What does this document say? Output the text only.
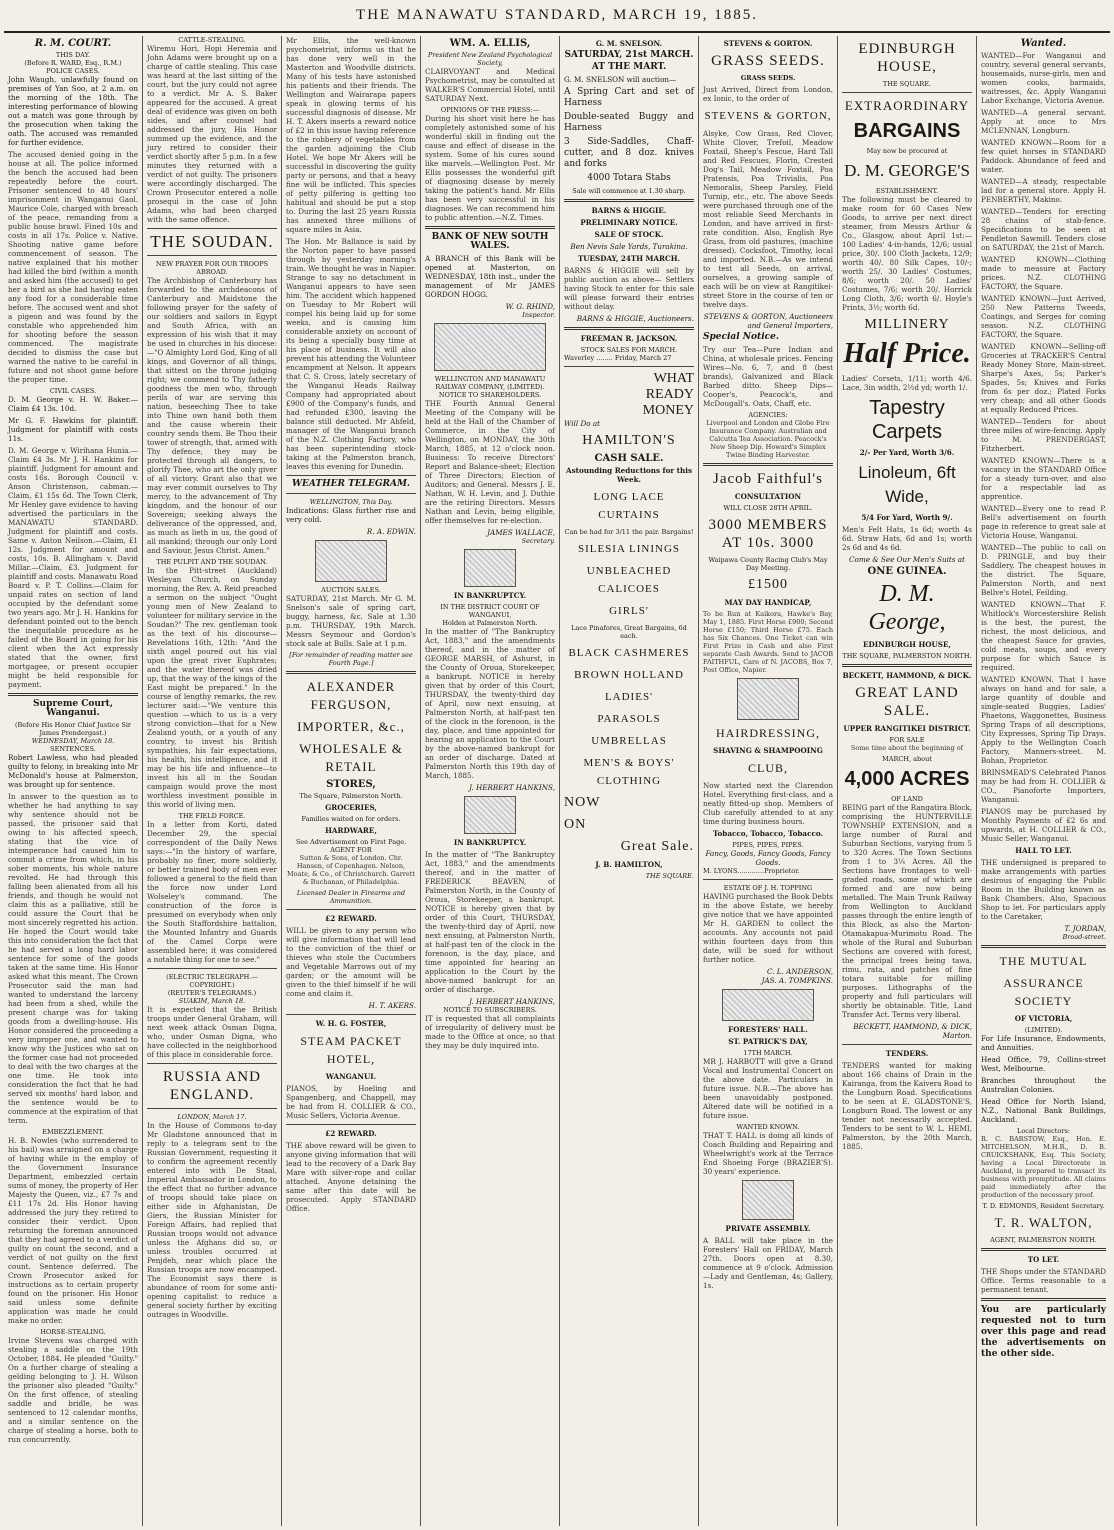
THE MANAWATU STANDARD, MARCH 19, 1885.
R. M. COURT.
THIS DAY.
(Before R. WARD, Esq., R.M.)
POLICE CASES.

John Waugh, unlawfully found on premises of Yan Soo, at 2 a.m. on the morning of the 18th. The interesting performance of blowing out a match was gone through by the prosecution when taking the oath. The accused was remanded for further evidence.

The accused denied going in the house at all. The police informed the bench the accused had been repeatedly before the court. Prisoner sentenced to 48 hours' imprisonment in Wanganui Gaol. Maurice Cole, charged with breach of the peace, remanding from a public house brawl. Fined 10s and costs in all 17s. Police v. Native. Shooting native game before commencement of season. The native explained that his mother had killed the bird (within a month and asked him (the accused) to get her a bird as she had having eaten any food for a considerable time before. The accused went and shot a pigeon and was found by the constable who apprehended him for shooting before the season commenced. The magistrate decided to dismiss the case but warned the native to be careful in future and not shoot game before the proper time.

CIVIL CASES.

D. M. George v. H. W. Baker.—Claim £4 13s. 10d.

Mr G. F. Hawkins for plaintiff. Judgment for plaintiff with costs 11s.

D. M. George v. Wirihana Hunia.—Claim £4 3s. Mr J. H. Hankins for plaintiff. Judgment for amount and costs 16s. Borough Council v. Anson Christenson, cabman.—Claim, £1 15s 6d. The Town Clerk, Mr Henley gave evidence to having advertised the particulars in the MANAWATU STANDARD. Judgment for plaintiff and costs. Same v. Anton Neilson.—Claim, £1 12s. Judgment for amount and costs, 10s. B. Allingham v. David Millar.—Claim, £3. Judgment for plaintiff and costs. Manawatu Road Board v. P. T. Collins.—Claim for unpaid rates on section of land occupied by the defendant some two years ago. Mr J. H. Hankins for defendant pointed out to the bench the inequitable procedure as he failed of the Board in going for his client when the Act expressly stated that the owner, first mortgagee, or present occupier might be held responsible for payment.

Supreme Court, Wanganui.
(Before His Honor Chief Justice Sir James Prendergast.)
WEDNESDAY, March 18.
SENTENCES.

Robert Lawless, who had pleaded guilty to felony, in breaking into Mr McDonald's house at Palmerston, was brought up for sentence.

In answer to the question as to whether he had anything to say why sentence should not be passed, the prisoner said that owing to his affected speech, stating that the vice of intemperance had caused him to commit a crime from which, in his sober moments, his whole nature revolted. He had through this falling been alienated from all his friends, and though he would not claim this as a palliative, still he could assure the Court that he most sincerely regretted his action. He hoped the Court would take this into consideration the fact that he had served a long hard labor sentence for some of the goods taken at the same time. His Honor asked what this meant. The Crown Prosecutor said the man had wanted to understand the larceny had been from a shed, while the present charge was for taking goods from a dwelling-house. His Honor considered the proceeding a very improper one, and wanted to know why the Justices who sat on the former case had not proceeded to deal with the two charges at the one time. He took into consideration the fact that he had served six months' hard labor, and the sentence would be to commence at the expiration of that term.

EMBEZZLEMENT.

H. B. Nowles (who surrendered to his bail) was arraigned on a charge of having while in the employ of the Government Insurance Department, embezzled certain sums of money, the property of Her Majesty the Queen, viz., £7 7s and £11 17s 2d. His Honor having addressed the jury they retired to consider their verdict. Upon returning the foreman announced that they had agreed to a verdict of guilty on count the second, and a verdict of not guilty on the first count. Sentence deferred. The Crown Prosecutor asked for instructions as to certain property found on the prisoner. His Honor said unless some definite application was made he could make no order.

HORSE-STEALING.

Irvine Stevens was charged with stealing a saddle on the 19th October, 1884. He pleaded "Guilty." On a further charge of stealing a gelding belonging to J. H. Wilson the prisoner also pleaded "Guilty." On the first offence, of stealing saddle and bridle, he was sentenced to 12 calendar months, and a similar sentence on the charge of stealing a horse, both to run concurrently.

CATTLE-STEALING.

Wiremu Hori, Hopi Heremia and John Adams were brought up on a charge of cattle stealing. This case was heard at the last sitting of the court, but the jury could not agree to a verdict. Mr A. S. Baker appeared for the accused. A great deal of evidence was given on both sides, and after counsel had addressed the jury, His Honor summed up the evidence, and the jury retired to consider their verdict shortly after 5 p.m. In a few minutes they returned with a verdict of not guilty. The prisoners were accordingly discharged. The Crown Prosecutor entered a nolle prosequi in the case of John Adams, who had been charged with the same offence.

THE SOUDAN.
NEW PRAYER FOR OUR TROOPS ABROAD.

The Archbishop of Canterbury has forwarded to the archdeacons of Canterbury and Maidstone the following prayer for the safety of our soldiers and sailors in Egypt and South Africa, with an expression of his wish that it may be used in churches in his diocese:—"O Almighty Lord God, King of all kings, and Governor of all things, that sittest on the throne judging right; we commend to Thy fatherly goodness the men who, through perils of war are serving this nation, beseeching Thee to take into Thine own hand both them and the cause wherein their country sends them. Be Thou their tower of strength, that, armed with Thy defence, they may be protected through all dangers, to glorify Thee, who art the only giver of all victory. Grant also that we may ever commit ourselves to Thy mercy, to the advancement of Thy kingdom, and the honour of our Sovereign; seeking always the deliverance of the oppressed, and, as much as lieth in us, the good of all mankind; through our only Lord and Saviour, Jesus Christ. Amen."

THE PULPIT AND THE SOUDAN.

In the Pitt-street (Auckland) Wesleyan Church, on Sunday morning, the Rev. A. Reid preached a sermon on the subject "Ought young men of New Zealand to volunteer for military service in the Soudan?" The rev. gentleman took as the text of his discourse—Revelations 16th, 12th: "And the sixth angel poured out his vial upon the great river Euphrates; and the water thereof was dried up, that the way of the kings of the East might be prepared." In the course of lengthy remarks, the rev. lecturer said:—"We venture this question —which to us is a very strong conviction—that for a New Zealand youth, or a youth of any country, to invest his British sympathies, his fair expectations, his health, his intelligence, and it may be his life and influence—to invest his all in the Soudan campaign would prove the most worthless investment possible in this world of living men.

THE FIELD FORCE.

In a letter from Korti, dated December 29, the special correspondent of the Daily News says:—"In the history of warfare, probably no finer, more soldierly, or better trained body of men ever followed a general to the field than the force now under Lord Wolseley's command. The construction of the force is presumed on everybody when only the South Staffordshire battalion, the Mounted Infantry and Guards of the Camel Corps were assembled here; it was considered a notable thing for one to see."

(ELECTRIC TELEGRAPH.—COPYRIGHT.)
(REUTER'S TELEGRAMS.)
SUAKIM, March 18.

It is expected that the British troops under General Graham, will next week attack Osman Digna, who, under Osman Digna, who have collected in the neighborhood of this place in considerable force.

RUSSIA AND ENGLAND.
LONDON, March 17.

In the House of Commons to-day Mr Gladstone announced that in reply to a telegram sent to the Russian Government, requesting it to confirm the agreement recently entered into with De Staal, Imperial Ambassador in London, to the effect that no further advance of troops should take place on either side in Afghanistan, De Giers, the Russian Minister for Foreign Affairs, had replied that Russian troops would not advance unless the Afghans did so, or unless troubles occurred at Penjdeh, near which place the Russian troops are now encamped. The Economist says there is abundance of room for some anti-opening capitalist to reduce a general society further by exciting outrages in Woodville.

Mr Ellis, the well-known psychometrist, informs us that he has done very well in the Masterton and Woodville districts. Many of his tests have astonished his patients and their friends. The Wellington and Wairarapa papers speak in glowing terms of his successful diagnosis of disease. Mr H. T. Akers inserts a reward notice of £2 in this issue having reference to the robbery of vegetables from the garden adjoining the Club Hotel. We hope Mr Akers will be successful in discovering the guilty party or persons, and that a heavy fine will be inflicted. This species of petty pilfering is getting too habitual and should be put a stop to. During the last 25 years Russia has annexed three millions of square miles in Asia.

The Hon. Mr Ballance is said by the Norton paper to have passed through by yesterday morning's train. We thought he was in Napier. Strange to say no detachment in Wanganui appears to have seen him. The accident which happened on Tuesday to Mr Robert will compel his being laid up for some weeks, and is causing him considerable anxiety on account of its being a specially busy time at his place of business. It will also prevent his attending the Volunteer encampment at Nelson. It appears that C. S. Cross, lately secretary of the Wanganui Heads Railway Company had appropriated about £900 of the Company's funds, and had refunded £300, leaving the balance still deducted. Mr Ahfeld, manager of the Wanganui branch of the N.Z. Clothing Factory, who has been superintending stock-taking at the Palmerston branch, leaves this evening for Dunedin.

WEATHER TELEGRAM.
WELLINGTON, This Day.

Indications: Glass further rise and very cold.

R. A. EDWIN.
AUCTION SALES.

SATURDAY, 21st March. Mr G. M. Snelson's sale of spring cart, buggy, harness, &c. Sale at 1.30 p.m. THURSDAY, 19th March. Messrs Seymour and Gordon's stock sale at Bulls. Sale at 1 p.m.

[For remainder of reading matter see Fourth Page.]
ALEXANDER FERGUSON,
IMPORTER, &c.,
WHOLESALE & RETAIL
STORES,
The Square, Palmerston North.
GROCERIES,
Families waited on for orders.
HARDWARE,
See Advertisement on First Page.
AGENT FOR

Sutton & Sons, of London. Chr. Hansen, of Copenhagen. Nelson, Moate, & Co., of Christchurch. Garrett & Buchanan, of Philadelphia.

Licensed Dealer in Firearms and Ammunition.
£2 REWARD.

WILL be given to any person who will give information that will lead to the conviction of the thief or thieves who stole the Cucumbers and Vegetable Marrows out of my garden; or the amount will be given to the thief himself if he will come and claim it.

H. T. AKERS.
W. H. G. FOSTER,
STEAM PACKET HOTEL,
WANGANUI.

PIANOS, by Hoeling and Spangenberg, and Chappell, may be had from H. COLLIER & CO., Music Sellers, Victoria Avenue.

£2 REWARD.

THE above reward will be given to anyone giving information that will lead to the recovery of a Dark Bay Mare with silver-rope and collar attached. Anyone detaining the same after this date will be prosecuted. Apply STANDARD Office.

WM. A. ELLIS,
President New Zealand Psychological Society,

CLAIRVOYANT and Medical Psychometrist, may be consulted at WALKER'S Commercial Hotel, until SATURDAY Next.

OPINIONS OF THE PRESS:—

During his short visit here he has completely astonished some of his wonderful skill in finding out the cause and effect of disease in the system. Some of his cures sound like marvels.—Wellington Post. Mr Ellis possesses the wonderful gift of diagnosing disease by merely taking the patient's hand. Mr Ellis has been very successful in his diagnoses. We can recommend him to public attention.—N.Z. Times.

BANK OF NEW SOUTH WALES.

A BRANCH of this Bank will be opened at Masterton, on WEDNESDAY, 18th inst., under the management of Mr JAMES GORDON HOGG.

W. G. RHIND,
Inspector.
WELLINGTON AND MANAWATU RAILWAY COMPANY, (LIMITED).
NOTICE TO SHAREHOLDERS.

THE Fourth Annual General Meeting of the Company will be held at the Hall of the Chamber of Commerce, in the City of Wellington, on MONDAY, the 30th March, 1885, at 12 o'clock noon. Business: To receive Directors' Report and Balance-sheet; Election of Three Directors; Election of Auditors; and General. Messrs J. E. Nathan, W. H. Levin, and J. Duthie are the retiring Directors. Messrs Nathan and Levin, being eligible, offer themselves for re-election.

JAMES WALLACE,
Secretary.
IN BANKRUPTCY.
IN THE DISTRICT COURT OF WANGANUI,
Holden at Palmerston North.

In the matter of "The Bankruptcy Act, 1883," and the amendments thereof, and in the matter of GEORGE MARSH, of Ashurst, in the County of Oroua, Storekeeper, a bankrupt. NOTICE is hereby given that by order of this Court, THURSDAY, the twenty-third day of April, now next ensuing, at Palmerston North, at half-past ten of the clock in the forenoon, is the day, place, and time appointed for hearing an application to the Court by the above-named bankrupt for an order of discharge. Dated at Palmerston North this 19th day of March, 1885.

J. HERBERT HANKINS,
IN BANKRUPTCY.

In the matter of "The Bankruptcy Act, 1883," and the amendments thereof, and in the matter of FREDERICK BEAVEN, of Palmerston North, in the County of Oroua, Storekeeper, a bankrupt. NOTICE is hereby given that by order of this Court, THURSDAY, the twenty-third day of April, now next ensuing, at Palmerston North, at half-past ten of the clock in the forenoon, is the day, place, and time appointed for hearing an application to the Court by the above-named bankrupt for an order of discharge.

J. HERBERT HANKINS,
NOTICE TO SUBSCRIBERS.

IT is requested that all complaints of irregularity of delivery must be made to the Office at once, so that they may be duly inquired into.

G. M. SNELSON.
SATURDAY, 21st MARCH.
AT THE MART.

G. M. SNELSON will auction—

A Spring Cart and set of Harness

Double-seated Buggy and Harness

3 Side-Saddles, Chaff-cutter, and 8 doz. knives and forks

4000 Totara Stabs

Sale will commence at 1.30 sharp.
BARNS & HIGGIE.
PRELIMINARY NOTICE.
SALE OF STOCK.
Ben Nevis Sale Yards, Turakina.
TUESDAY, 24TH MARCH.

BARNS & HIGGIE will sell by public auction as above— Settlers having Stock to enter for this sale will please forward their entries without delay.

BARNS & HIGGIE, Auctioneers.
FREEMAN R. JACKSON.
STOCK SALES FOR MARCH.
Waverley ........ Friday, March 27
WHAT
READY
MONEY
Will Do at
HAMILTON'S
CASH SALE.
Astounding Reductions for this Week.
LONG LACE CURTAINS
Can be had for 3/11 the pair. Bargains!
SILESIA LININGS
UNBLEACHED CALICOES
GIRLS'
Lace Pinafores, Great Bargains, 6d each.
BLACK CASHMERES
BROWN HOLLAND
LADIES'
PARASOLS
UMBRELLAS
MEN'S & BOYS' CLOTHING
NOW
ON
Great Sale.
J. B. HAMILTON,
THE SQUARE.
STEVENS & GORTON.
GRASS SEEDS.
GRASS SEEDS.

Just Arrived, Direct from London, ex Ionic, to the order of

STEVENS & GORTON,

Alsyke, Cow Grass, Red Clover, White Clover, Trefoil, Meadow Foxtail, Sheep's Fescue, Hard Tall and Red Fescues, Florin, Crested Dog's Tail, Meadow Foxtail, Poa Pratensis, Poa Trivialis, Poa Nemoralis, Sheep Parsley, Field Turnip, etc., etc. The above Seeds were purchased through one of the most reliable Seed Merchants in London, and have arrived in first-rate condition. Also, English Rye Grass, from old pastures, (machine dressed). Cocksfoot, Timothy, local and imported. N.B.—As we intend to test all Seeds, on arrival, ourselves, a growing sample of each will be on view at Rangitikei-street Store in the course of ten or twelve days.

STEVENS & GORTON, Auctioneers and General Importers,
Special Notice.

Try our Tea—Pure Indian and China, at wholesale prices. Fencing Wires—No. 6, 7, and 8 (best brands), Galvanized and Black Barbed ditto. Sheep Dips—Cooper's, Peacock's, and McDougall's. Oats, Chaff, etc.

AGENCIES:

Liverpool and London and Globe Fire Insurance Company. Australian and Calcutta Tea Association. Peacock's New Sheep Dip. Howard's Simplex Twine Binding Harvester.

Jacob Faithful's
CONSULTATION
WILL CLOSE 28TH APRIL.
3000 MEMBERS AT 10s. 3000
Waipawa County Racing Club's May Day Meeting.
£1500
MAY DAY HANDICAP,

To be Run at Kaikora, Hawke's Bay, May 1, 1885. First Horse £900; Second Horse £150; Third Horse £75. Each has Six Chances. One Ticket can win First Prize in Cash and also First separate Cash Awards. Send to JACOB FAITHFUL, Care of N. JACOBS, Box 7, Post Office, Napier.

HAIRDRESSING,
SHAVING & SHAMPOOING
CLUB,

Now started next the Clarendon Hotel. Everything first-class, and a neatly fitted-up shop. Members of Club carefully attended to at any time during business hours.

Tobacco, Tobacco, Tobacco.
PIPES, PIPES, PIPES.
Fancy, Goods, Fancy Goods, Fancy Goods.
M. LYONS.............Proprietor.
ESTATE OF J. H. TOPPING

HAVING purchased the Book Debts in the above Estate, we hereby give notice that we have appointed Mr H. GARDEN to collect the accounts. Any accounts not paid within fourteen days from this date, will be sued for without further notice.

C. L. ANDERSON,
JAS. A. TOMPKINS.
FORESTERS' HALL.
ST. PATRICK'S DAY,
17TH MARCH.

MR J. HARBOTT will give a Grand Vocal and Instrumental Concert on the above date. Particulars in future issue. N.B.—The above has been unavoidably postponed. Altered date will be notified in a future issue.

WANTED KNOWN.

THAT T. HALL is doing all kinds of Coach Building and Repairing and Wheelwright's work at the Terrace End Shoeing Forge (BRAZIER'S). 30 years' experience.

PRIVATE ASSEMBLY.

A BALL will take place in the Foresters' Hall on FRIDAY, March 27th. Doors open at 8.30, commence at 9 o'clock. Admission —Lady and Gentleman, 4s; Gallery, 1s.

EDINBURGH HOUSE,
THE SQUARE.
EXTRAORDINARY
BARGAINS
May now be procured at
D. M. GEORGE'S
ESTABLISHMENT.

The following must be cleared to make room for 60 Cases New Goods, to arrive per next direct steamer, from Messrs Arthur & Co., Glasgow, about April 1st:— 100 Ladies' 4-in-hands, 12/6; usual price, 30/. 100 Cloth Jackets, 12/9; worth 40/. 80 Silk Capes, 10/-; worth 25/. 30 Ladies' Costumes, 8/6; worth 20/. 50 Ladies' Costumes, 7/6; worth 20/. Horrick Long Cloth, 3/6; worth 6/. Hoyle's Prints, 3½; worth 6d.

MILLINERY
Half Price.

Ladies' Corsets, 1/11; worth 4/6. Lace, 3in width, 2½d yd; worth 1/.

Tapestry Carpets
2/- Per Yard, Worth 3/6.
Linoleum, 6ft Wide,
5/4 For Yard, Worth 9/.

Men's Felt Hats, 1s 6d; worth 4s 6d. Straw Hats, 6d and 1s; worth 2s 6d and 4s 6d.

Come & See Our Men's Suits at
ONE GUINEA.
D. M. George,
EDINBURGH HOUSE,
THE SQUARE, PALMERSTON NORTH.
BECKETT, HAMMOND, & DICK.
GREAT LAND SALE.
UPPER RANGITIKEI DISTRICT.
FOR SALE

Some time about the beginning of

MARCH, about
4,000 ACRES
OF LAND

BEING part of the Rangatira Block, comprising the HUNTERVILLE TOWNSHIP EXTENSION, and a large number of Rural and Suburban Sections, varying from 5 to 320 Acres. The Town Sections from 1 to 3¼ Acres. All the Sections have frontages to well-graded roads, some of which are formed and are now being metalled. The Main Trunk Railway from Wellington to Auckland passes through the entire length of this Block, as also the Marton-Otamakapua-Murimotu Road. The whole of the Rural and Suburban Sections are covered with forest, the principal trees being tawa, rimu, rata, and patches of fine totara suitable for milling purposes. Lithographs of the property and full particulars will shortly be obtainable. Title, Land Transfer Act. Terms very liberal.

BECKETT, HAMMOND, & DICK, Marton.
TENDERS.

TENDERS wanted for making about 166 chains of Drain in the Kairanga, from the Kaivera Road to the Longburn Road. Specifications to be seen at E. GLADSTONE'S, Longburn Road. The lowest or any tender not necessarily accepted. Tenders to be sent to W. L. HEMI, Palmerston, by the 20th March, 1885.

Wanted.

WANTED—For Wanganui and country, several general servants, housemaids, nurse-girls, men and women cooks, barmaids, waitresses, &c. Apply Wanganui Labor Exchange, Victoria Avenue.

WANTED—A general servant. Apply at once to Mrs MCLENNAN, Longburn.

WANTED KNOWN—Room for a few quiet horses in STANDARD Paddock. Abundance of feed and water.

WANTED—A steady, respectable lad for a general store. Apply H. PENBERTHY, Makino.

WANTED—Tenders for erecting 28 chains of stab-fence. Specifications to be seen at Pendleton Sawmill. Tenders close on SATURDAY, the 21st of March.

WANTED KNOWN—Clothing made to measure at Factory prices. N.Z. CLOTHING FACTORY, the Square.

WANTED KNOWN—Just Arrived, 250 New Patterns Tweeds, Coatings, and Serges for coming season. N.Z. CLOTHING FACTORY, the Square.

WANTED KNOWN—Selling-off Groceries at TRACKER'S Central Ready Money Store, Main-street. Sharpe's Axes, 5s; Parker's Spades, 5s; Knives and Forks from 6s per doz.; Plated Forks very cheap; and all other Goods at equally Reduced Prices.

WANTED—Tenders for about three miles of wire-fencing. Apply to M. PRENDERGAST, Fitzherbert.

WANTED KNOWN—There is a vacancy in the STANDARD Office for a steady turn-over, and also for a respectable lad as apprentice.

WANTED—Every one to read P. Bell's advertisement on fourth page in reference to great sale at Victoria House, Wanganui.

WANTED—The public to call on D. PRINGLE, and buy their Saddlery. The cheapest houses in the district. The Square, Palmerston North, and next Bellve's Hotel, Feilding.

WANTED KNOWN—That F. Whitlock's Worcestershire Relish is the best, the purest, the richest, the most delicious, and the cheapest Sauce for gravies, cold meats, soups, and every purpose for which Sauce is required.

WANTED KNOWN. That I have always on hand and for sale, a large quantity of double and single-seated Buggies, Ladies' Phaetons, Waggonettes, Business Spring Traps of all descriptions, City Expresses, Spring Tip Drays. Apply to the Wellington Coach Factory, Manners-street. M. Bohan, Proprietor.

BRINSMEAD'S Celebrated Pianos may be had from H. COLLIER & CO., Pianoforte Importers, Wanganui.

PIANOS may be purchased by Monthly Payments of £2 6s and upwards, at H. COLLIER & CO., Music Seller, Wanganui.

HALL TO LET.

THE undersigned is prepared to make arrangements with parties desirous of engaging the Public Room in the Building known as Bank Chambers. Also, Spacious Shop to let. For particulars apply to the Caretaker,

T. JORDAN,
Broad-street.
THE MUTUAL
ASSURANCE SOCIETY
OF VICTORIA,
(LIMITED).

For Life Insurance, Endowments, and Annuities.

Head Office, 79, Collins-street West, Melbourne.

Branches throughout the Australian Colonies.

Head Office for North Island, N.Z., National Bank Buildings, Auckland.

Local Directors:

R. C. BARSTOW, Esq., Hon. E. MITCHELSON, M.H.R., D. B. CRUICKSHANK, Esq. This Society, having a Local Directorate in Auckland, is prepared to transact its business with promptitude. All claims paid immediately after the production of the necessary proof.

T. D. EDMONDS, Resident Secretary.
T. R. WALTON,
AGENT, PALMERSTON NORTH.
TO LET.

THE Shops under the STANDARD Office. Terms reasonable to a permanent tenant.

You are particularly requested not to turn over this page and read the advertisements on the other side.
